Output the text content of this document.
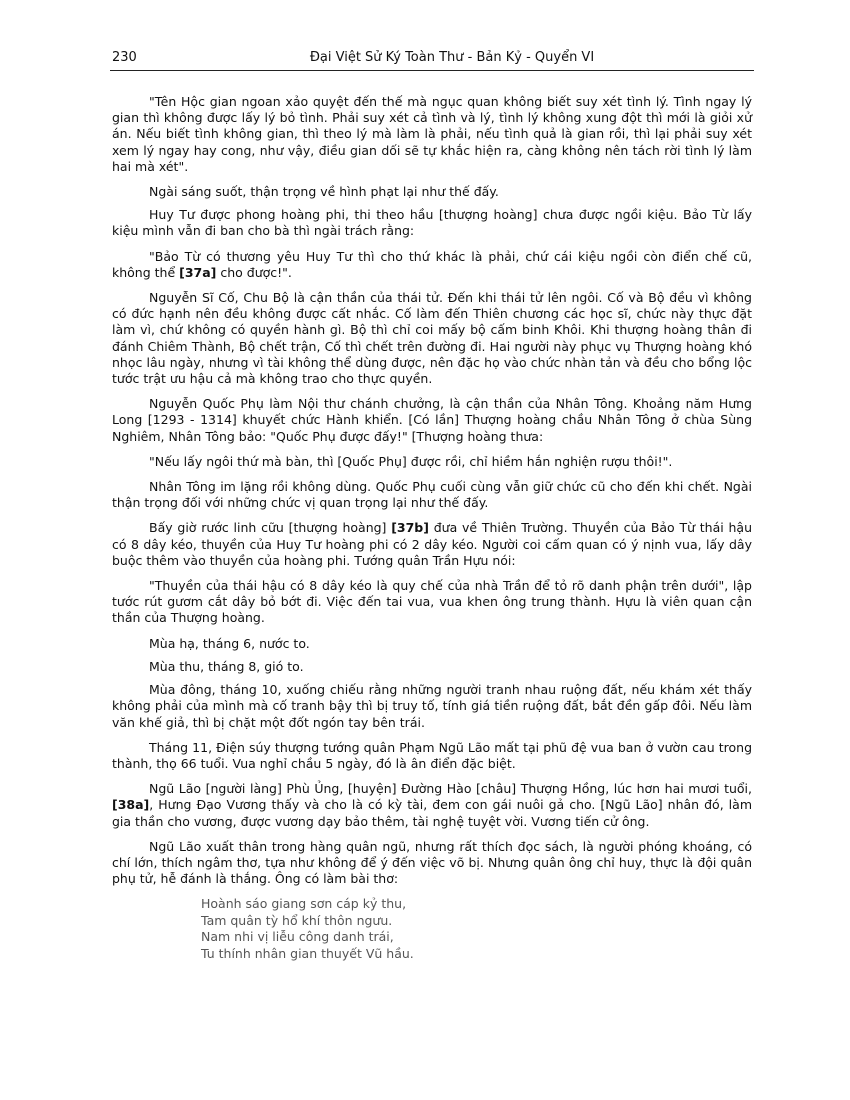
230	Đại Việt Sử Ký Toàn Thư - Bản Kỷ - Quyển VI

"Tên Hộc gian ngoan xảo quyệt đến thế mà ngục quan không biết suy xét tình lý. Tình ngay lý gian thì không được lấy lý bỏ tình. Phải suy xét cả tình và lý, tình lý không xung đột thì mới là giỏi xử án. Nếu biết tình không gian, thì theo lý mà làm là phải, nếu tình quả là gian rồi, thì lại phải suy xét xem lý ngay hay cong, như vậy, điều gian dối sẽ tự khắc hiện ra, càng không nên tách rời tình lý làm hai mà xét".

Ngài sáng suốt, thận trọng về hình phạt lại như thế đấy.

Huy Tư được phong hoàng phi, thi theo hầu [thượng hoàng] chưa được ngồi kiệu. Bảo Từ lấy kiệu mình vẫn đi ban cho bà thì ngài trách rằng:

"Bảo Từ có thương yêu Huy Tư thì cho thứ khác là phải, chứ cái kiệu ngồi còn điển chế cũ, không thể [37a] cho được!".

Nguyễn Sĩ Cố, Chu Bộ là cận thần của thái tử. Đến khi thái tử lên ngôi. Cố và Bộ đều vì không có đức hạnh nên đều không được cất nhắc. Cố làm đến Thiên chương các học sĩ, chức này thực đặt làm vì, chứ không có quyền hành gì. Bộ thì chỉ coi mấy bộ cấm binh Khôi. Khi thượng hoàng thân đi đánh Chiêm Thành, Bộ chết trận, Cố thì chết trên đường đi. Hai người này phục vụ Thượng hoàng khó nhọc lâu ngày, nhưng vì tài không thể dùng được, nên đặc họ vào chức nhàn tản và đều cho bổng lộc tước trật ưu hậu cả mà không trao cho thực quyền.

Nguyễn Quốc Phụ làm Nội thư chánh chưởng, là cận thần của Nhân Tông. Khoảng năm Hưng Long [1293 - 1314] khuyết chức Hành khiển. [Có lần] Thượng hoàng chầu Nhân Tông ở chùa Sùng Nghiêm, Nhân Tông bảo: "Quốc Phụ được đấy!" [Thượng hoàng thưa:

"Nếu lấy ngôi thứ mà bàn, thì [Quốc Phụ] được rồi, chỉ hiềm hắn nghiện rượu thôi!".

Nhân Tông im lặng rồi không dùng. Quốc Phụ cuối cùng vẫn giữ chức cũ cho đến khi chết. Ngài thận trọng đối với những chức vị quan trọng lại như thế đấy.

Bấy giờ rước linh cữu [thượng hoàng] [37b] đưa về Thiên Trường. Thuyền của Bảo Từ thái hậu có 8 dây kéo, thuyền của Huy Tư hoàng phi có 2 dây kéo. Người coi cấm quan có ý nịnh vua, lấy dây buộc thêm vào thuyền của hoàng phi. Tướng quân Trần Hựu nói:

"Thuyền của thái hậu có 8 dây kéo là quy chế của nhà Trần để tỏ rõ danh phận trên dưới", lập tước rút gươm cắt dây bỏ bớt đi. Việc đến tai vua, vua khen ông trung thành. Hựu là viên quan cận thần của Thượng hoàng.

Mùa hạ, tháng 6, nước to.

Mùa thu, tháng 8, gió to.

Mùa đông, tháng 10, xuống chiếu rằng những người tranh nhau ruộng đất, nếu khám xét thấy không phải của mình mà cố tranh bậy thì bị truy tố, tính giá tiền ruộng đất, bắt đền gấp đôi. Nếu làm văn khế giả, thì bị chặt một đốt ngón tay bên trái.

Tháng 11, Điện súy thượng tướng quân Phạm Ngũ Lão mất tại phũ đệ vua ban ở vườn cau trong thành, thọ 66 tuổi. Vua nghỉ chầu 5 ngày, đó là ân điển đặc biệt.

Ngũ Lão [người làng] Phù Ủng, [huyện] Đường Hào [châu] Thượng Hồng, lúc hơn hai mươi tuổi, [38a], Hưng Đạo Vương thấy và cho là có kỳ tài, đem con gái nuôi gả cho. [Ngũ Lão] nhân đó, làm gia thần cho vương, được vương dạy bảo thêm, tài nghệ tuyệt vời. Vương tiến cử ông.

Ngũ Lão xuất thân trong hàng quân ngũ, nhưng rất thích đọc sách, là người phóng khoáng, có chí lớn, thích ngâm thơ, tựa như không để ý đến việc võ bị. Nhưng quân ông chỉ huy, thực là đội quân phụ tử, hễ đánh là thắng. Ông có làm bài thơ:

Hoành sáo giang sơn cáp kỷ thu,
Tam quân tỳ hổ khí thôn ngưu.
Nam nhi vị liễu công danh trái,
Tu thính nhân gian thuyết Vũ hầu.
